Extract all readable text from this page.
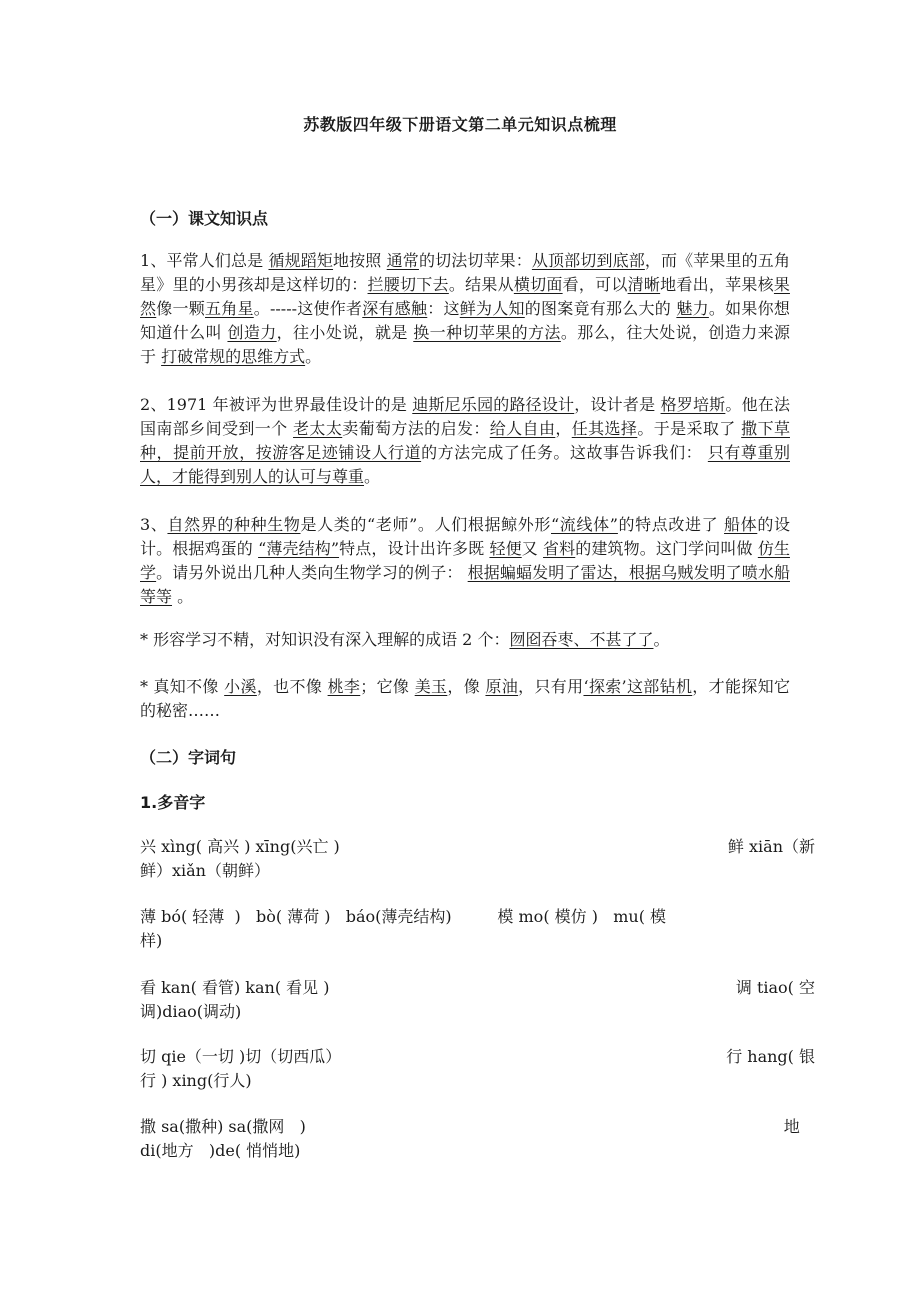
苏教版四年级下册语文第二单元知识点梳理
（一）课文知识点
1、平常人们总是 循规蹈矩地按照 通常的切法切苹果：从顶部切到底部，而《苹果里的五角星》里的小男孩却是这样切的：拦腰切下去。结果从横切面看，可以清晰地看出，苹果核果然像一颗五角星。-----这使作者深有感触：这鲜为人知的图案竟有那么大的 魅力。如果你想知道什么叫 创造力，往小处说，就是 换一种切苹果的方法。那么，往大处说，创造力来源于 打破常规的思维方式。
2、1971 年被评为世界最佳设计的是 迪斯尼乐园的路径设计，设计者是 格罗培斯。他在法国南部乡间受到一个 老太太卖葡萄方法的启发：给人自由，任其选择。于是采取了 撒下草种，提前开放，按游客足迹铺设人行道的方法完成了任务。这故事告诉我们： 只有尊重别人，才能得到别人的认可与尊重。
3、自然界的种种生物是人类的“老师”。人们根据鲸外形“流线体”的特点改进了 船体的设计。根据鸡蛋的 “薄壳结构”特点，设计出许多既 轻便又 省料的建筑物。这门学问叫做 仿生学。请另外说出几种人类向生物学习的例子： 根据蝙蝠发明了雷达，根据乌贼发明了喷水船 等等 。
* 形容学习不精，对知识没有深入理解的成语 2 个：囫囵吞枣、不甚了了。
* 真知不像 小溪，也不像 桃李；它像 美玉，像 原油，只有用‘探索’这部钻机，才能探知它的秘密……
（二）字词句
1.多音字
兴 xìng( 高兴 ) xīng(兴亡 )	鲜 xiān（新
鲜）xiǎn（朝鲜）
薄 bó( 轻薄  )   bò( 薄荷 )   báo(薄壳结构)         模 mo( 模仿 )   mu( 模
样)
看 kan( 看管) kan( 看见 )	调 tiao( 空
调)diao(调动)
切 qie（一切 )切（切西瓜）	行 hang( 银
行 ) xing(行人)
撒 sa(撒种) sa(撒网   )	地
di(地方   )de( 悄悄地)
